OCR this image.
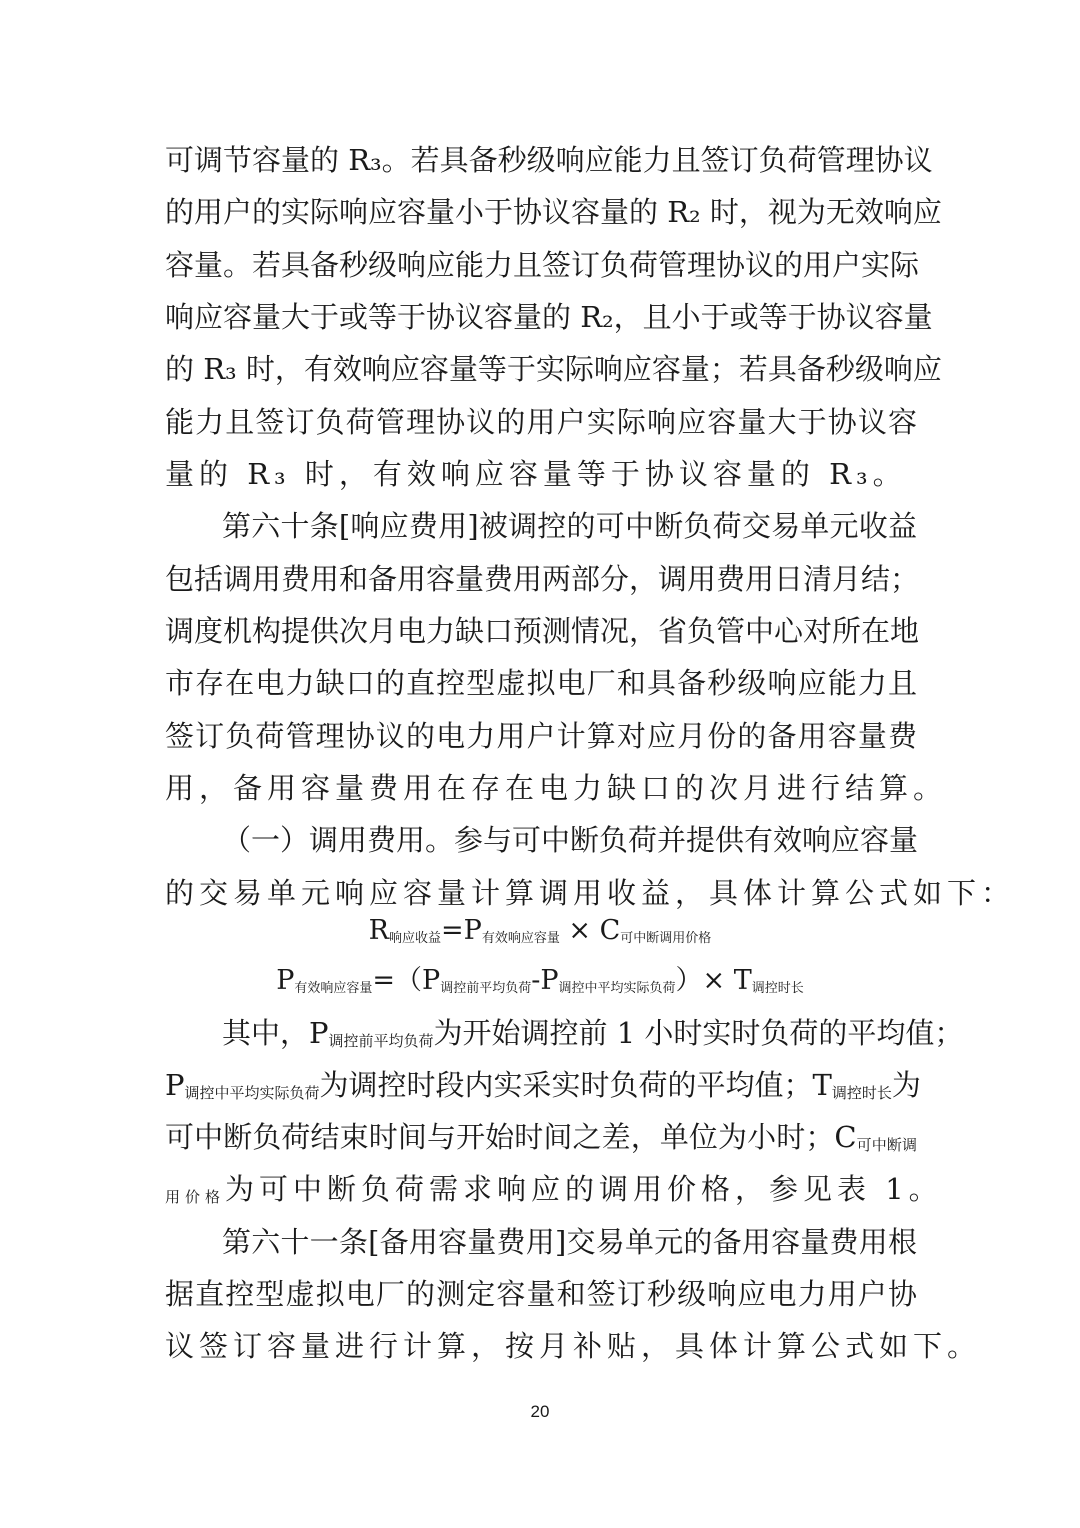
可调节容量的 R₃。若具备秒级响应能力且签订负荷管理协议
的用户的实际响应容量小于协议容量的 R₂ 时，视为无效响应
容量。若具备秒级响应能力且签订负荷管理协议的用户实际
响应容量大于或等于协议容量的 R₂，且小于或等于协议容量
的 R₃ 时，有效响应容量等于实际响应容量；若具备秒级响应
能力且签订负荷管理协议的用户实际响应容量大于协议容
量的 R₃ 时，有效响应容量等于协议容量的 R₃。
第六十条[响应费用]被调控的可中断负荷交易单元收益
包括调用费用和备用容量费用两部分，调用费用日清月结；
调度机构提供次月电力缺口预测情况，省负管中心对所在地
市存在电力缺口的直控型虚拟电厂和具备秒级响应能力且
签订负荷管理协议的电力用户计算对应月份的备用容量费
用，备用容量费用在存在电力缺口的次月进行结算。
（一）调用费用。参与可中断负荷并提供有效响应容量
的交易单元响应容量计算调用收益，具体计算公式如下：
R响应收益=P有效响应容量 × C可中断调用价格
P有效响应容量=（P调控前平均负荷-P调控中平均实际负荷）× T调控时长
其中，$P_{调控前平均负荷}$为开始调控前 1 小时实时负荷的平均值；
$P_{调控中平均实际负荷}$为调控时段内实采实时负荷的平均值；$T_{调控时长}$为
可中断负荷结束时间与开始时间之差，单位为小时；$C_{可中断调}$
$_{用价格}$为可中断负荷需求响应的调用价格，参见表 1。
第六十一条[备用容量费用]交易单元的备用容量费用根
据直控型虚拟电厂的测定容量和签订秒级响应电力用户协
议签订容量进行计算，按月补贴，具体计算公式如下。
20
